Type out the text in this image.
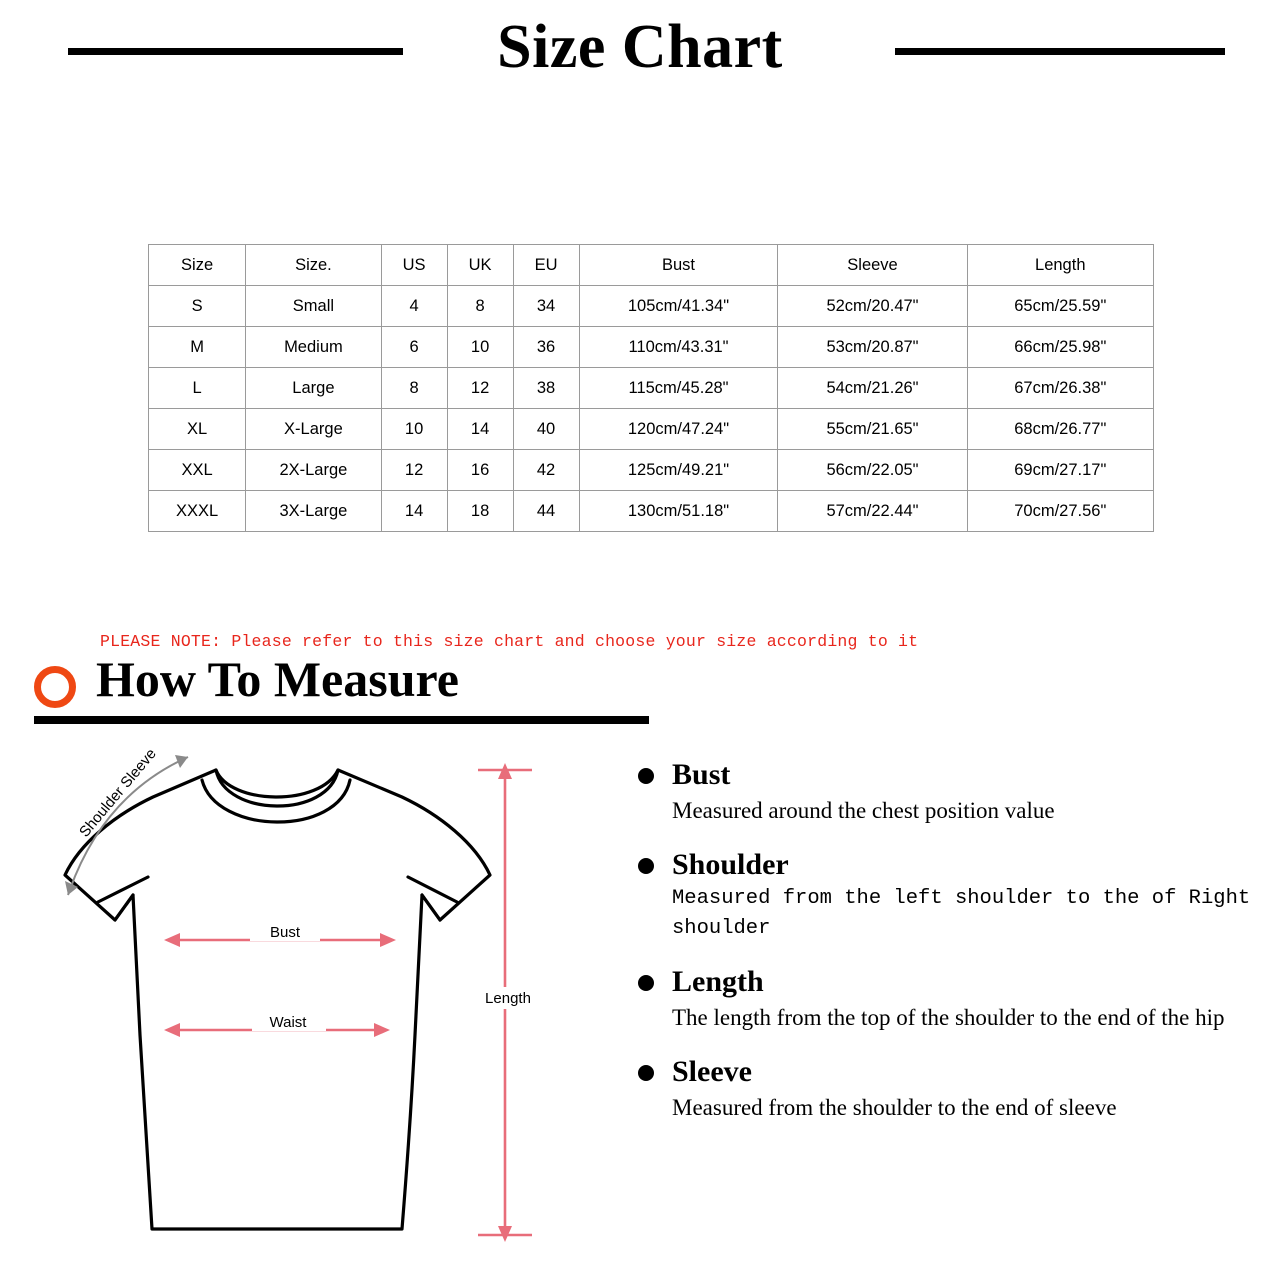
Size Chart

Size	Size.	US	UK	EU	Bust	Sleeve	Length
S	Small	4	8	34	105cm/41.34"	52cm/20.47"	65cm/25.59"
M	Medium	6	10	36	110cm/43.31"	53cm/20.87"	66cm/25.98"
L	Large	8	12	38	115cm/45.28"	54cm/21.26"	67cm/26.38"
XL	X-Large	10	14	40	120cm/47.24"	55cm/21.65"	68cm/26.77"
XXL	2X-Large	12	16	42	125cm/49.21"	56cm/22.05"	69cm/27.17"
XXXL	3X-Large	14	18	44	130cm/51.18"	57cm/22.44"	70cm/27.56"
PLEASE NOTE: Please refer to this size chart and choose your size according to it
How To Measure
Shoulder Sleeve
Bust
Waist
Length

Bust

Measured around the chest position value

Shoulder

Measured from the left shoulder to the of Right shoulder

Length

The length from the top of the shoulder to the end of the hip

Sleeve

Measured from the shoulder to the end of sleeve
